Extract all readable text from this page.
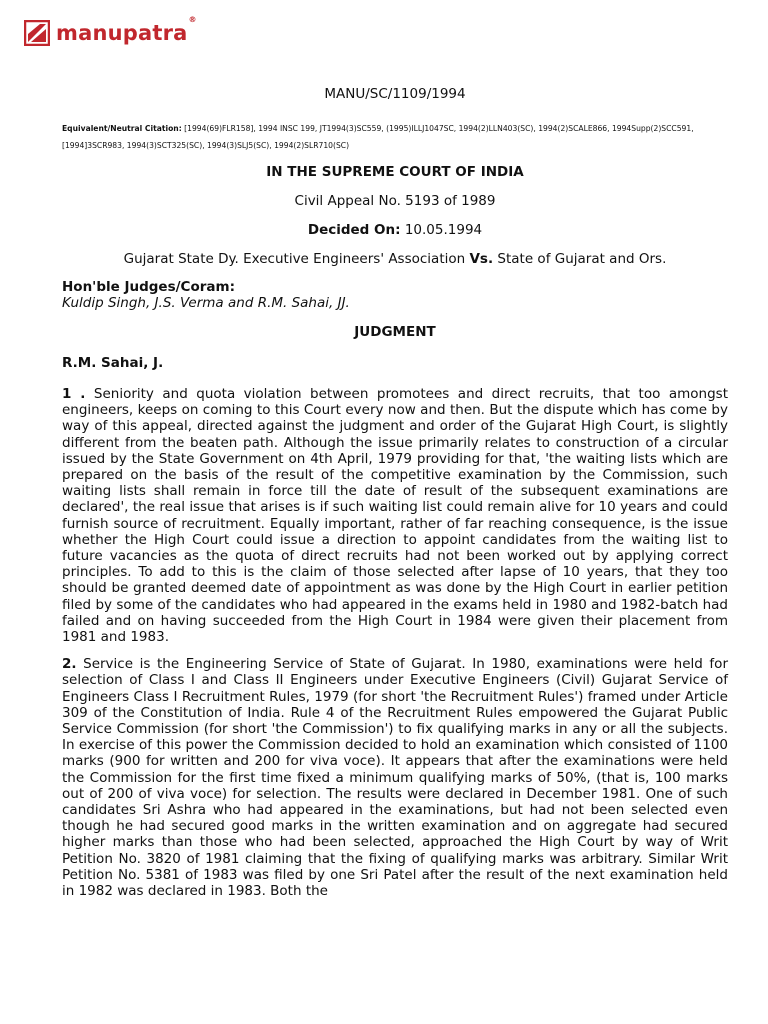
manupatra®
MANU/SC/1109/1994
Equivalent/Neutral Citation: [1994(69)FLR158], 1994 INSC 199, JT1994(3)SC559, (1995)ILLJ1047SC, 1994(2)LLN403(SC), 1994(2)SCALE866, 1994Supp(2)SCC591, [1994]3SCR983, 1994(3)SCT325(SC), 1994(3)SLJ5(SC), 1994(2)SLR710(SC)
IN THE SUPREME COURT OF INDIA
Civil Appeal No. 5193 of 1989
Decided On: 10.05.1994
Gujarat State Dy. Executive Engineers' Association Vs. State of Gujarat and Ors.
Hon'ble Judges/Coram:
Kuldip Singh, J.S. Verma and R.M. Sahai, JJ.
JUDGMENT
R.M. Sahai, J.

1 . Seniority and quota violation between promotees and direct recruits, that too amongst engineers, keeps on coming to this Court every now and then. But the dispute which has come by way of this appeal, directed against the judgment and order of the Gujarat High Court, is slightly different from the beaten path. Although the issue primarily relates to construction of a circular issued by the State Government on 4th April, 1979 providing for that, 'the waiting lists which are prepared on the basis of the result of the competitive examination by the Commission, such waiting lists shall remain in force till the date of result of the subsequent examinations are declared', the real issue that arises is if such waiting list could remain alive for 10 years and could furnish source of recruitment. Equally important, rather of far reaching consequence, is the issue whether the High Court could issue a direction to appoint candidates from the waiting list to future vacancies as the quota of direct recruits had not been worked out by applying correct principles. To add to this is the claim of those selected after lapse of 10 years, that they too should be granted deemed date of appointment as was done by the High Court in earlier petition filed by some of the candidates who had appeared in the exams held in 1980 and 1982-batch had failed and on having succeeded from the High Court in 1984 were given their placement from 1981 and 1983.

2. Service is the Engineering Service of State of Gujarat. In 1980, examinations were held for selection of Class I and Class II Engineers under Executive Engineers (Civil) Gujarat Service of Engineers Class I Recruitment Rules, 1979 (for short 'the Recruitment Rules') framed under Article 309 of the Constitution of India. Rule 4 of the Recruitment Rules empowered the Gujarat Public Service Commission (for short 'the Commission') to fix qualifying marks in any or all the subjects. In exercise of this power the Commission decided to hold an examination which consisted of 1100 marks (900 for written and 200 for viva voce). It appears that after the examinations were held the Commission for the first time fixed a minimum qualifying marks of 50%, (that is, 100 marks out of 200 of viva voce) for selection. The results were declared in December 1981. One of such candidates Sri Ashra who had appeared in the examinations, but had not been selected even though he had secured good marks in the written examination and on aggregate had secured higher marks than those who had been selected, approached the High Court by way of Writ Petition No. 3820 of 1981 claiming that the fixing of qualifying marks was arbitrary. Similar Writ Petition No. 5381 of 1983 was filed by one Sri Patel after the result of the next examination held in 1982 was declared in 1983. Both the
